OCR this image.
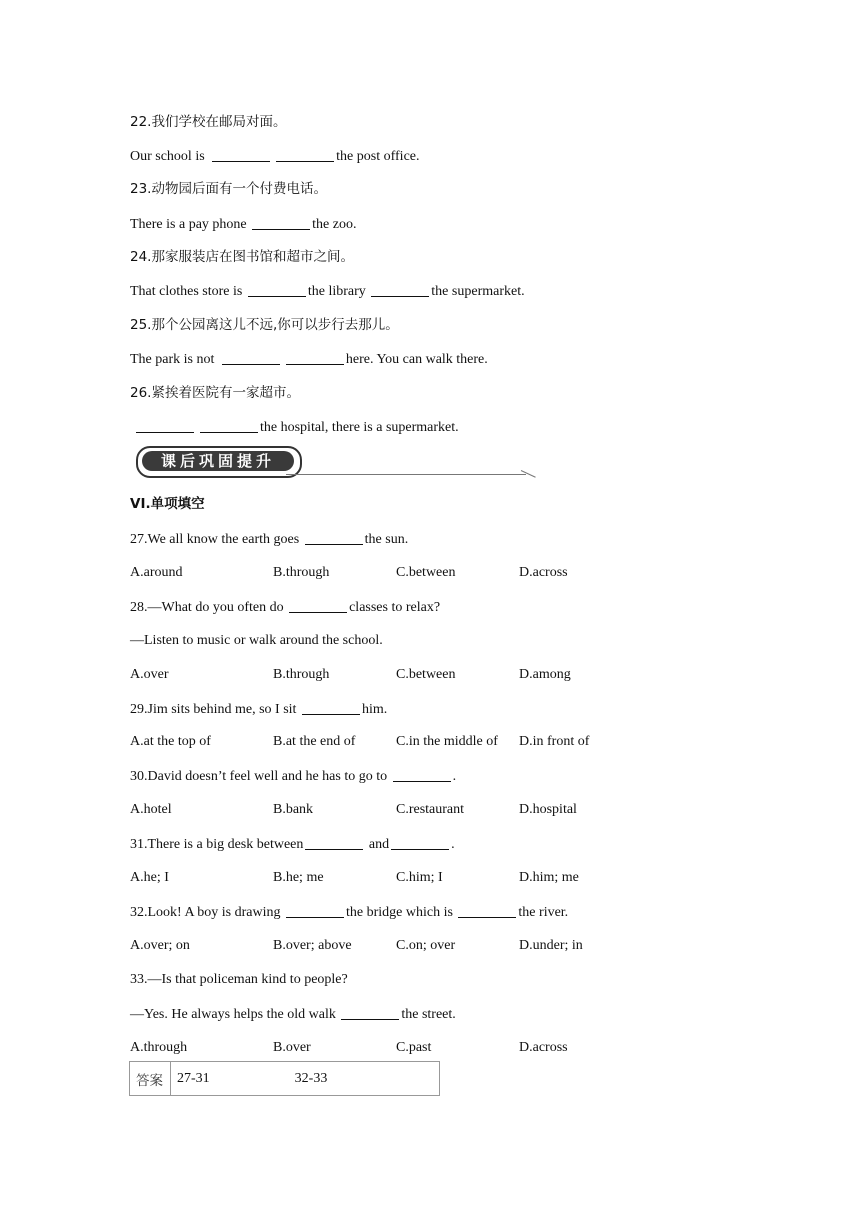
22.我们学校在邮局对面。
Our school is	the post office.
23.动物园后面有一个付费电话。
There is a pay phone	the zoo.
24.那家服装店在图书馆和超市之间。
That clothes store is	the library	the supermarket.
25.那个公园离这儿不远,你可以步行去那儿。
The park is not	here. You can walk there.
26.紧挨着医院有一家超市。
the hospital, there is a supermarket.
课后巩固提升
VI.单项填空
27.We all know the earth goes	the sun.
A.around	B.through	C.between	D.across
28.—What do you often do	classes to relax?
—Listen to music or walk around the school.
A.over	B.through	C.between	D.among
29.Jim sits behind me, so I sit	him.
A.at the top of	B.at the end of	C.in the middle of D.in front of
30.David doesn’t feel well and he has to go to	.
A.hotel	B.bank	C.restaurant	D.hospital
31.There is a big desk between	and	.
A.he; I	B.he; me	C.him; I	D.him; me
32.Look! A boy is drawing	the bridge which is	the river.
A.over; on	B.over; above	C.on; over	D.under; in
33.—Is that policeman kind to people?
—Yes. He always helps the old walk	the street.
A.through	B.over	C.past	D.across
答案	27-31	32-33
